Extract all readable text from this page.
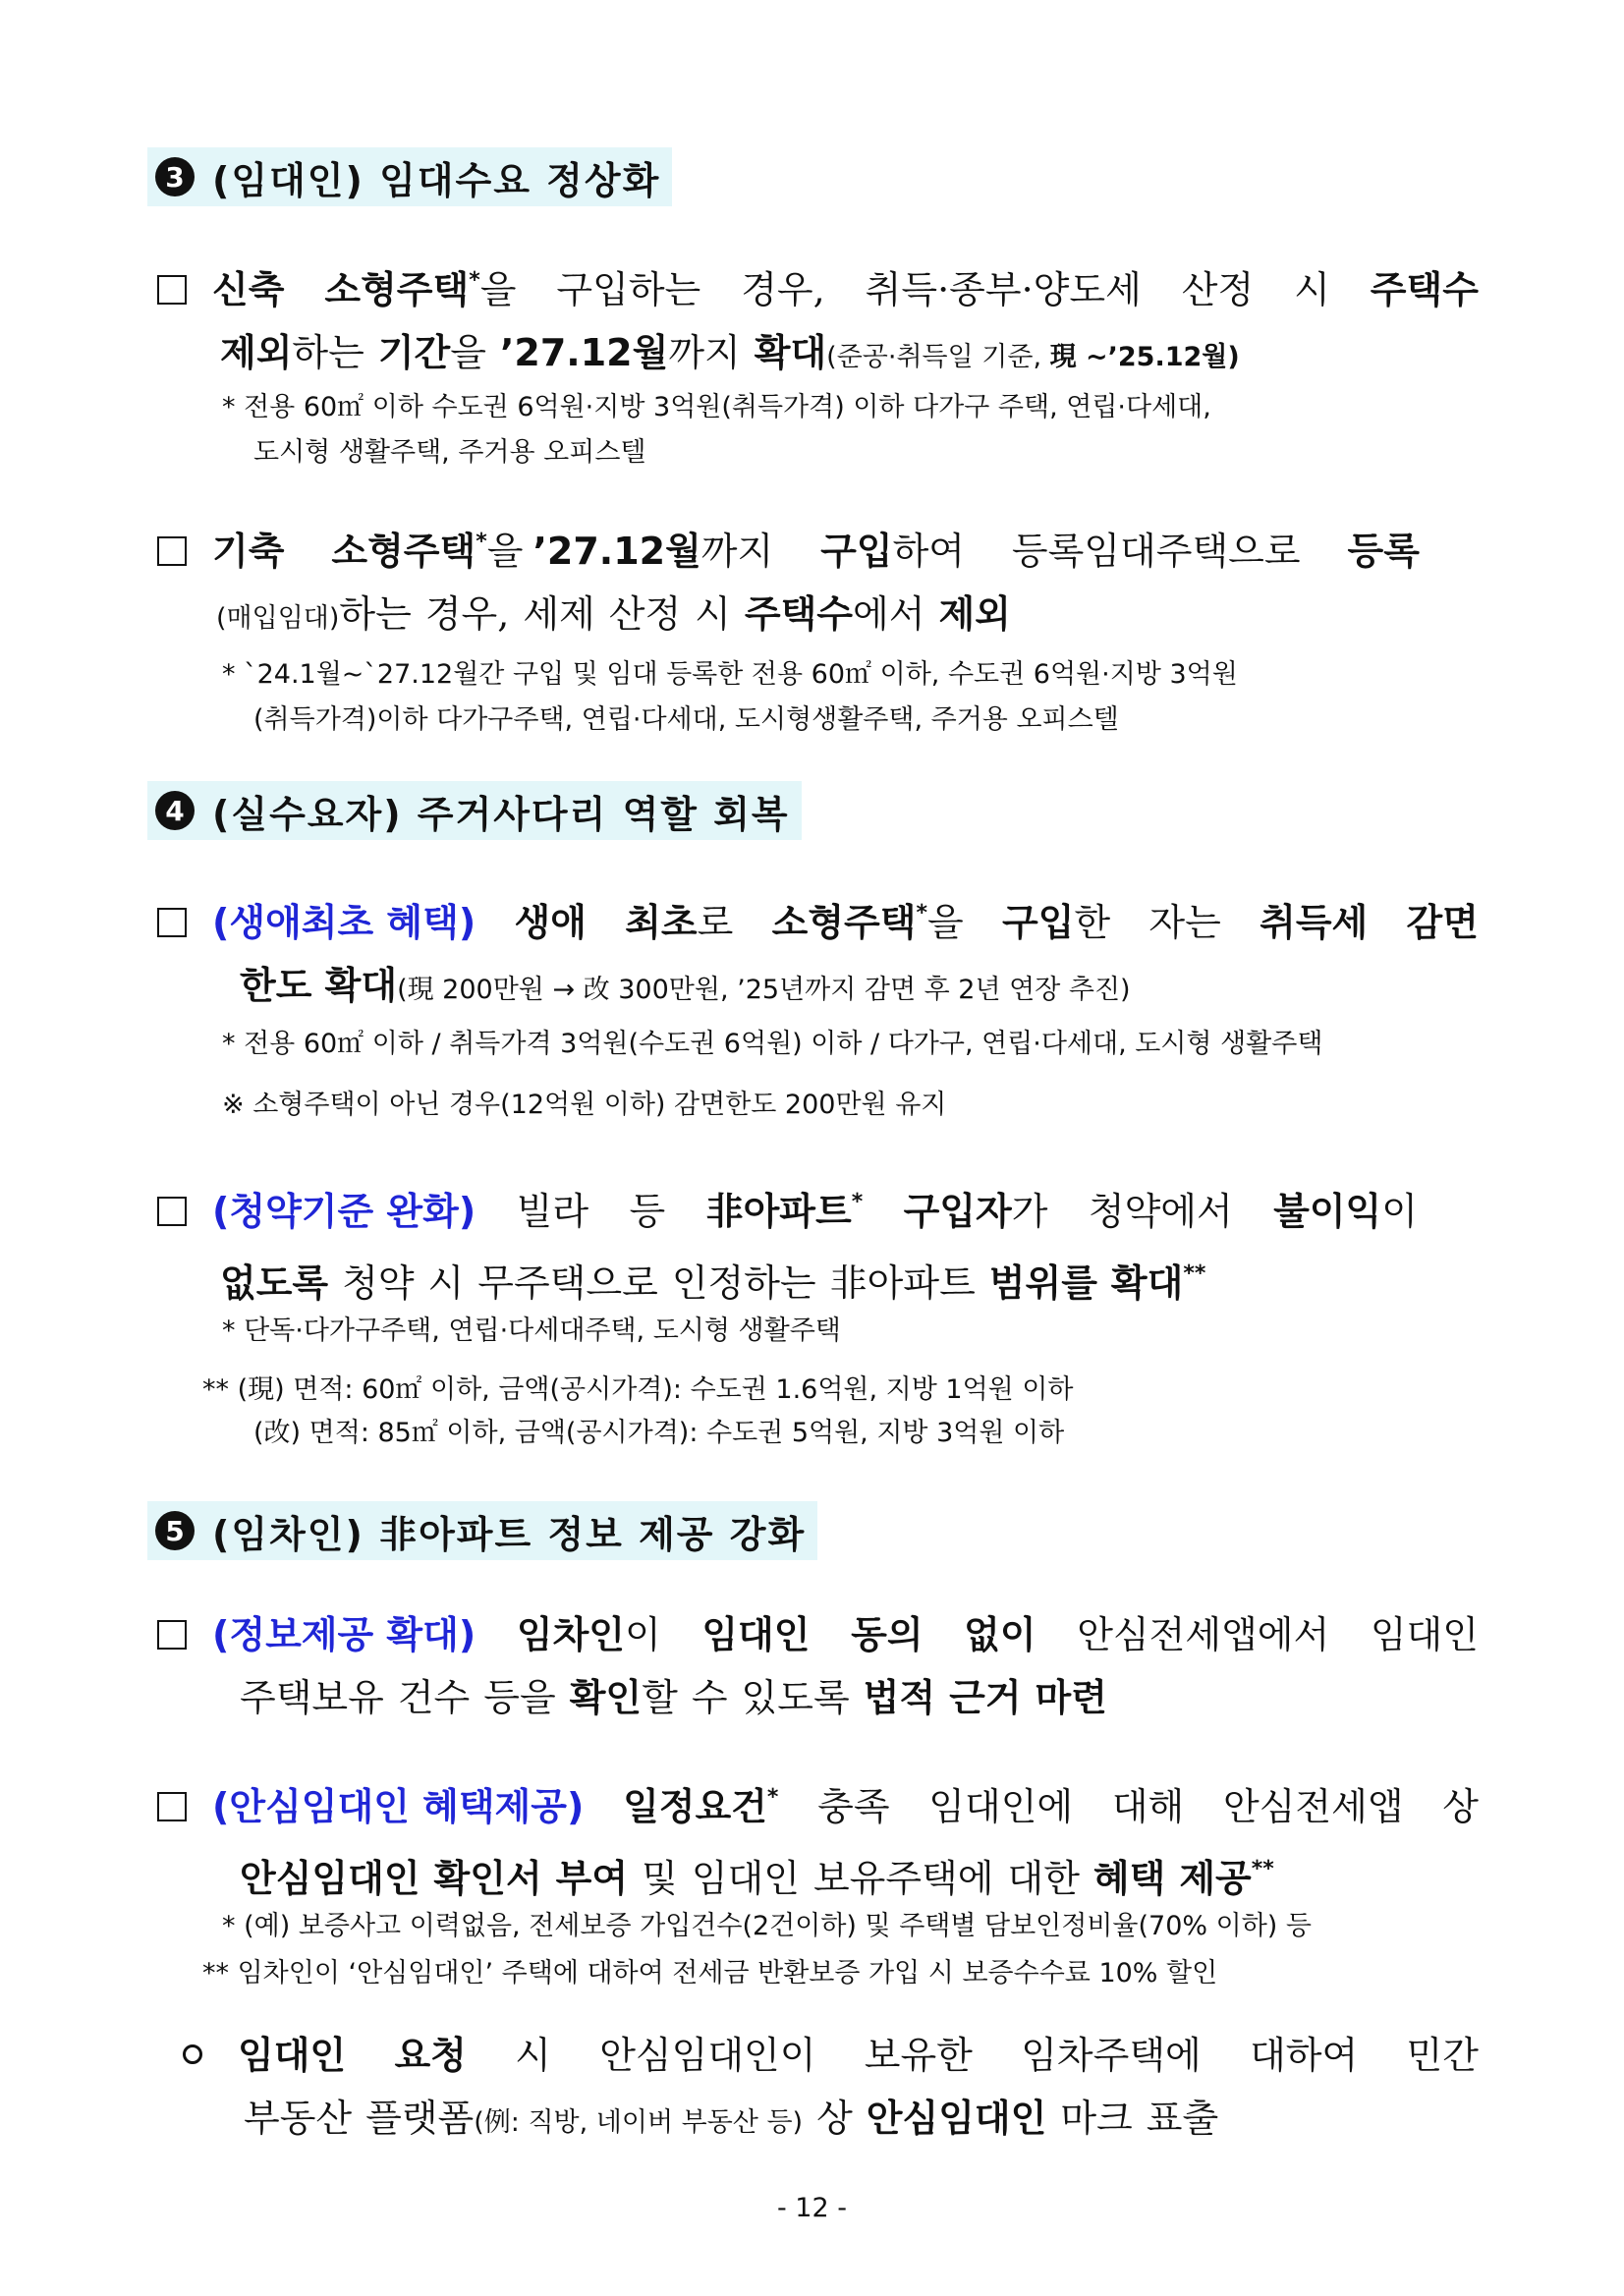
3 (임대인) 임대수요 정상화
신축 소형주택*을 구입하는 경우, 취득·종부·양도세 산정 시 주택수
제외하는 기간을 ’27.12월까지 확대(준공·취득일 기준, 現 ~’25.12월)
* 전용 60㎡ 이하 수도권 6억원·지방 3억원(취득가격) 이하 다가구 주택, 연립·다세대,
도시형 생활주택, 주거용 오피스텔
기축 소형주택*을 ’27.12월까지 구입하여 등록임대주택으로 등록
(매입임대)하는 경우, 세제 산정 시 주택수에서 제외
* `24.1월~`27.12월간 구입 및 임대 등록한 전용 60㎡ 이하, 수도권 6억원·지방 3억원
(취득가격)이하 다가구주택, 연립·다세대, 도시형생활주택, 주거용 오피스텔
4 (실수요자) 주거사다리 역할 회복
(생애최초 혜택) 생애 최초로 소형주택*을 구입한 자는 취득세 감면
한도 확대(現 200만원 → 改 300만원, ’25년까지 감면 후 2년 연장 추진)
* 전용 60㎡ 이하 / 취득가격 3억원(수도권 6억원) 이하 / 다가구, 연립·다세대, 도시형 생활주택
※ 소형주택이 아닌 경우(12억원 이하) 감면한도 200만원 유지
(청약기준 완화) 빌라 등 非아파트* 구입자가 청약에서 불이익이
없도록 청약 시 무주택으로 인정하는 非아파트 범위를 확대**
* 단독·다가구주택, 연립·다세대주택, 도시형 생활주택
** (現) 면적: 60㎡ 이하, 금액(공시가격): 수도권 1.6억원, 지방 1억원 이하
(改) 면적: 85㎡ 이하, 금액(공시가격): 수도권 5억원, 지방 3억원 이하
5 (임차인) 非아파트 정보 제공 강화
(정보제공 확대) 임차인이 임대인 동의 없이 안심전세앱에서 임대인
주택보유 건수 등을 확인할 수 있도록 법적 근거 마련
(안심임대인 혜택제공) 일정요건* 충족 임대인에 대해 안심전세앱 상
안심임대인 확인서 부여 및 임대인 보유주택에 대한 혜택 제공**
* (예) 보증사고 이력없음, 전세보증 가입건수(2건이하) 및 주택별 담보인정비율(70% 이하) 등
** 임차인이 ‘안심임대인’ 주택에 대하여 전세금 반환보증 가입 시 보증수수료 10% 할인
임대인 요청 시 안심임대인이 보유한 임차주택에 대하여 민간
부동산 플랫폼(例: 직방, 네이버 부동산 등) 상 안심임대인 마크 표출
- 12 -
